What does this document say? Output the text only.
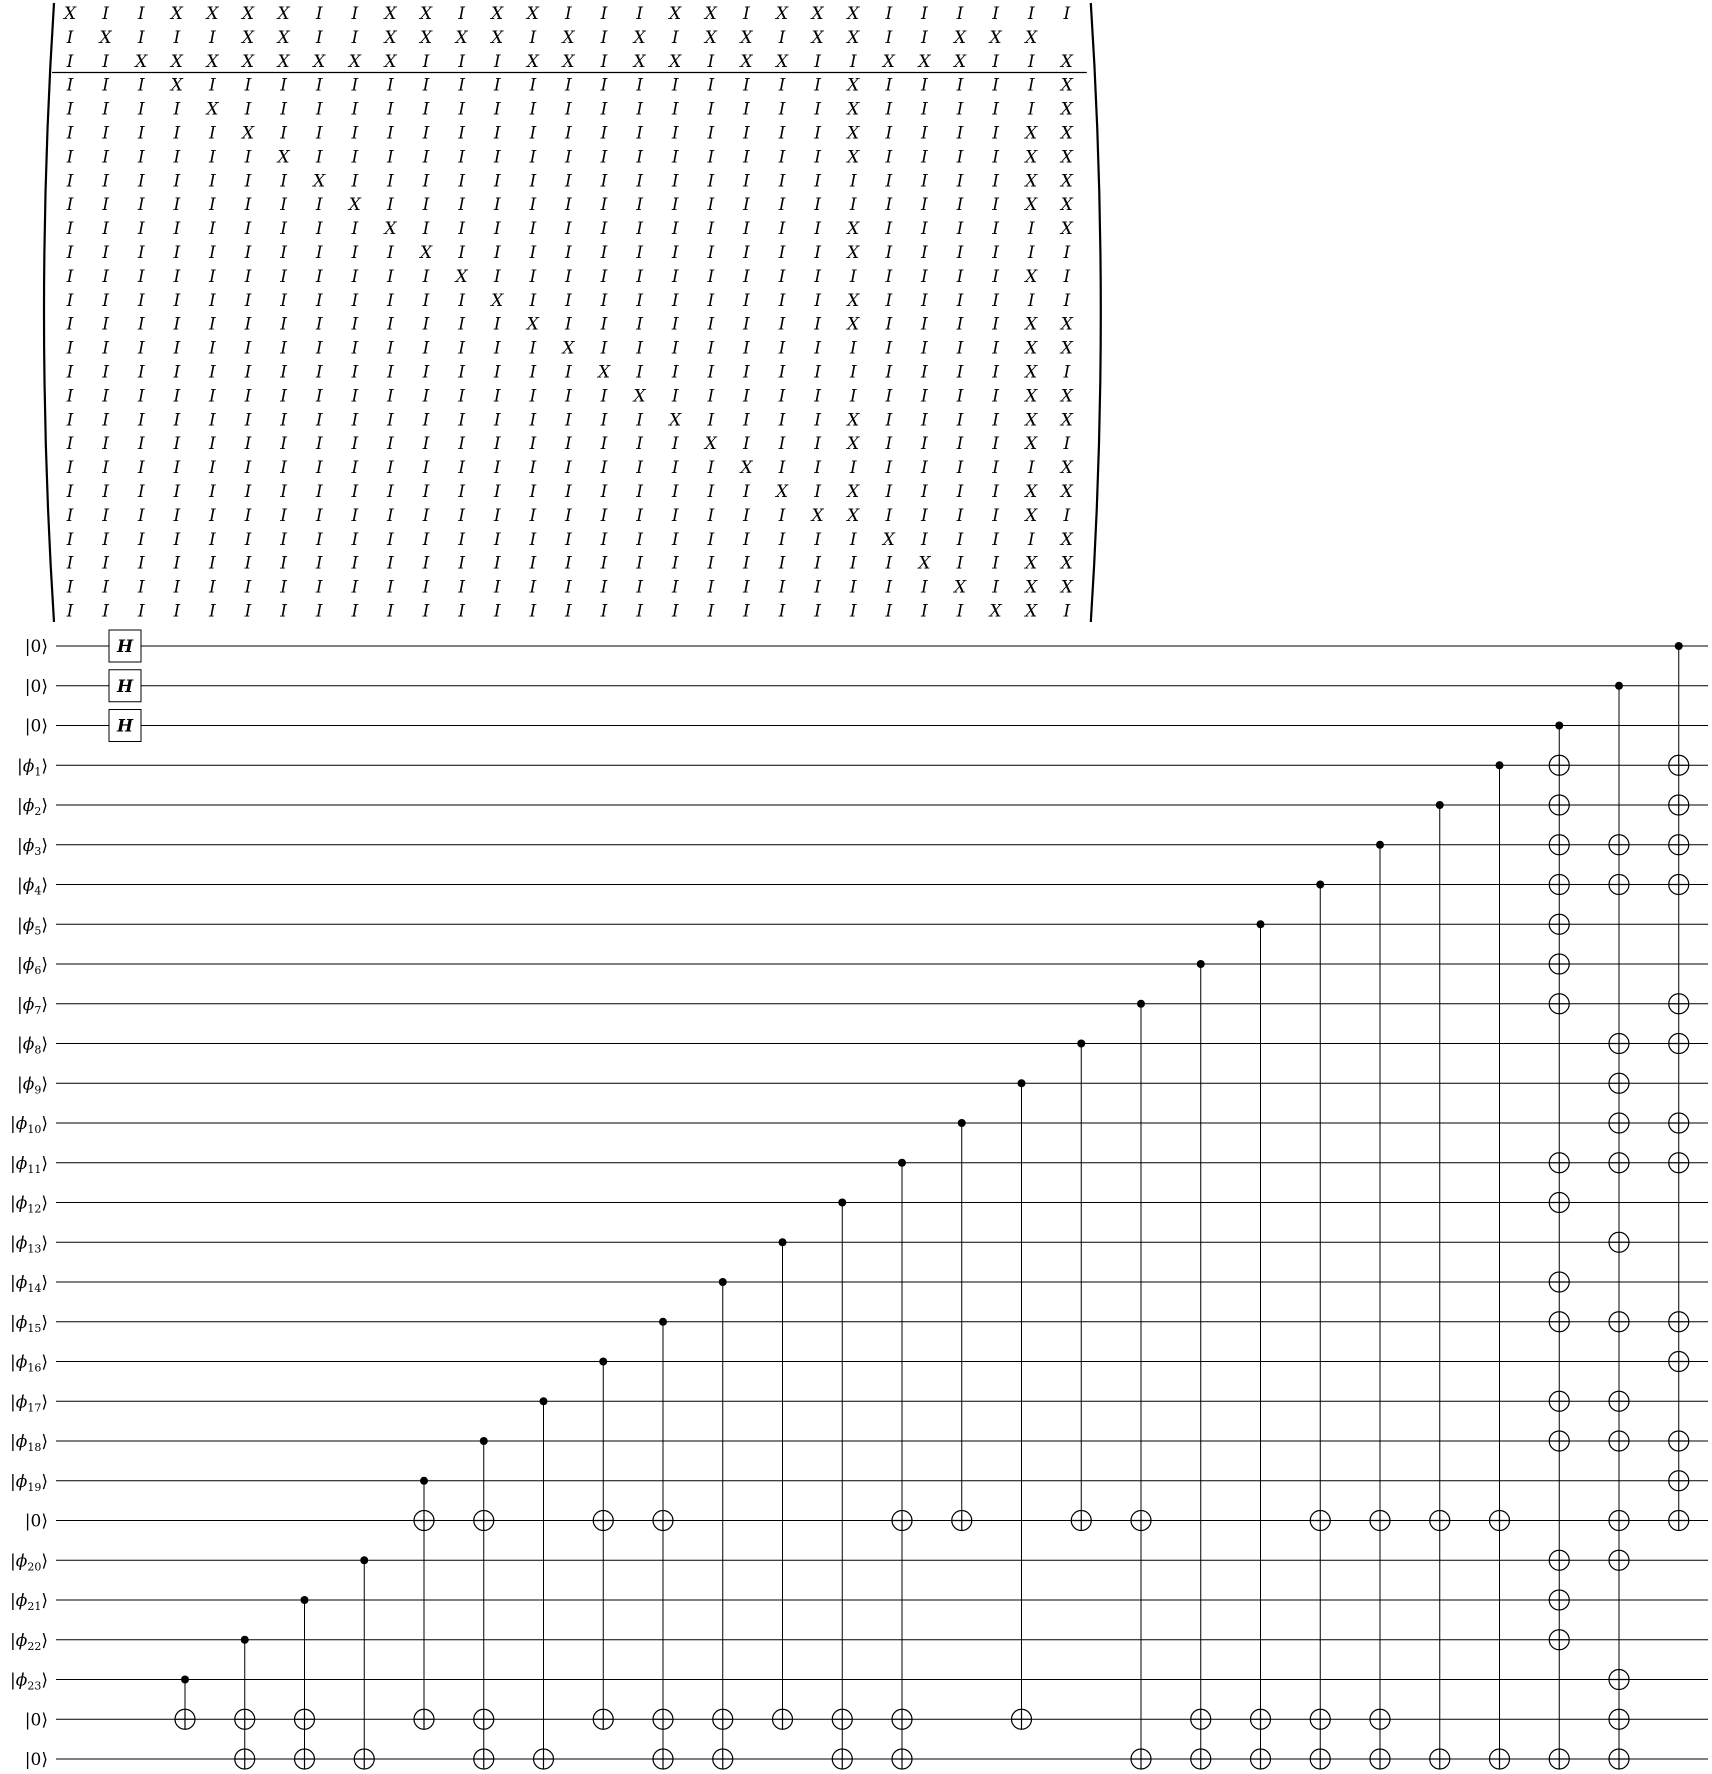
X I I X X X X I I X X I X X I I I X X I X X X I I I I I I
I X I I I X X I I X X X X I X I X I X X I X X I I X X X
I I X X X X X X X X I I I X X I X X I X X I I X X X I I X
I I I X I I I I I I I I I I I I I I I I I I X I I I I I X
I I I I X I I I I I I I I I I I I I I I I I X I I I I I X
I I I I I X I I I I I I I I I I I I I I I I X I I I I X X
I I I I I I X I I I I I I I I I I I I I I I X I I I I X X
I I I I I I I X I I I I I I I I I I I I I I I I I I I X X
I I I I I I I I X I I I I I I I I I I I I I I I I I I X X
I I I I I I I I I X I I I I I I I I I I I I X I I I I I X
I I I I I I I I I I X I I I I I I I I I I I X I I I I I I
I I I I I I I I I I I X I I I I I I I I I I I I I I I X I
I I I I I I I I I I I I X I I I I I I I I I X I I I I I I
I I I I I I I I I I I I I X I I I I I I I I X I I I I X X
I I I I I I I I I I I I I I X I I I I I I I I I I I I X X
I I I I I I I I I I I I I I I X I I I I I I I I I I I X I
I I I I I I I I I I I I I I I I X I I I I I I I I I I X X
I I I I I I I I I I I I I I I I I X I I I I X I I I I X X
I I I I I I I I I I I I I I I I I I X I I I X I I I I X I
I I I I I I I I I I I I I I I I I I I X I I I I I I I I X
I I I I I I I I I I I I I I I I I I I I X I X I I I I X X
I I I I I I I I I I I I I I I I I I I I I X X I I I I X I
I I I I I I I I I I I I I I I I I I I I I I I X I I I I X
I I I I I I I I I I I I I I I I I I I I I I I I X I I X X
I I I I I I I I I I I I I I I I I I I I I I I I I X I X X
I I I I I I I I I I I I I I I I I I I I I I I I I I X X I
|0⟩
|0⟩
|0⟩
$|\phi_1⟩$
$|\phi_2⟩$
$|\phi_3⟩$
$|\phi_4⟩$
$|\phi_5⟩$
$|\phi_6⟩$
$|\phi_7⟩$
$|\phi_8⟩$
$|\phi_9⟩$
$|\phi_{10}⟩$
$|\phi_{11}⟩$
$|\phi_{12}⟩$
$|\phi_{13}⟩$
$|\phi_{14}⟩$
$|\phi_{15}⟩$
$|\phi_{16}⟩$
$|\phi_{17}⟩$
$|\phi_{18}⟩$
$|\phi_{19}⟩$
|0⟩
$|\phi_{20}⟩$
$|\phi_{21}⟩$
$|\phi_{22}⟩$
$|\phi_{23}⟩$
|0⟩
|0⟩
H
H
H
